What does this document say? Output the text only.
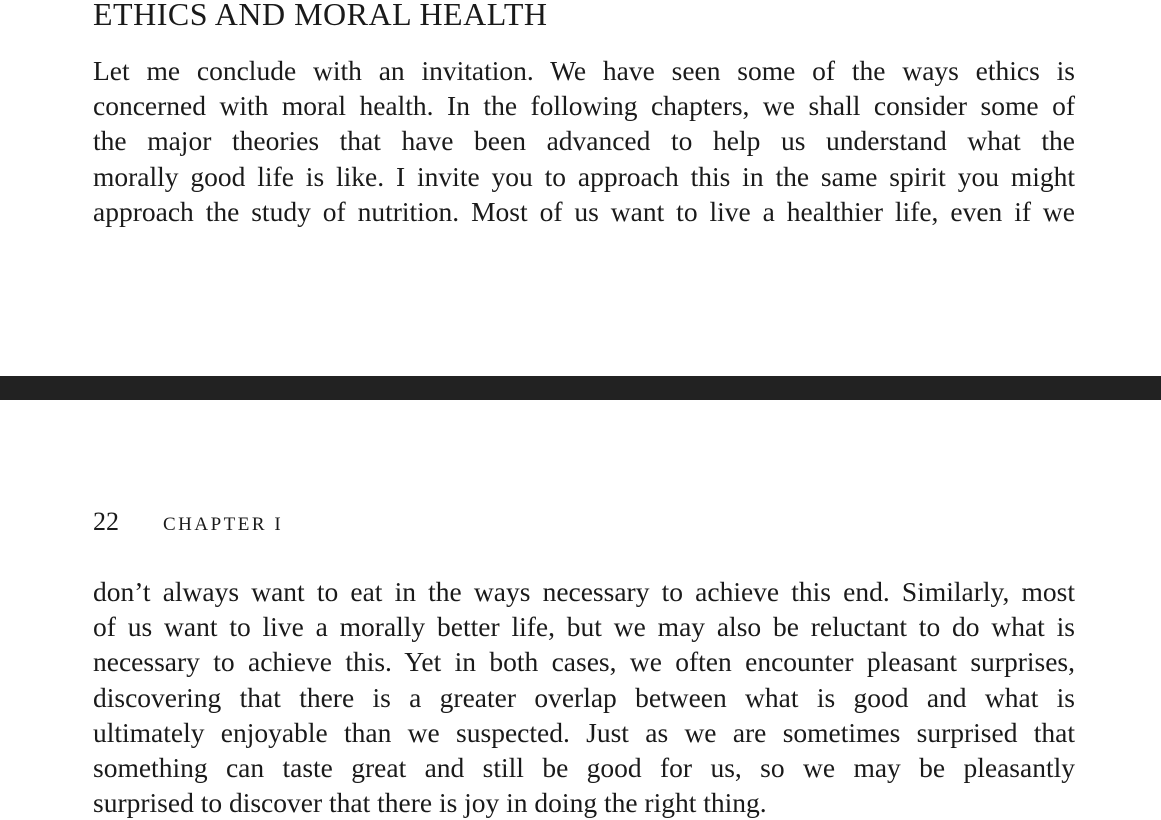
ETHICS AND MORAL HEALTH

Let me conclude with an invitation. We have seen some of the ways ethics is
concerned with moral health. In the following chapters, we shall consider some of
the major theories that have been advanced to help us understand what the
morally good life is like. I invite you to approach this in the same spirit you might
approach the study of nutrition. Most of us want to live a healthier life, even if we

22 CHAPTER I

don’t always want to eat in the ways necessary to achieve this end. Similarly, most
of us want to live a morally better life, but we may also be reluctant to do what is
necessary to achieve this. Yet in both cases, we often encounter pleasant surprises,
discovering that there is a greater overlap between what is good and what is
ultimately enjoyable than we suspected. Just as we are sometimes surprised that
something can taste great and still be good for us, so we may be pleasantly
surprised to discover that there is joy in doing the right thing.
